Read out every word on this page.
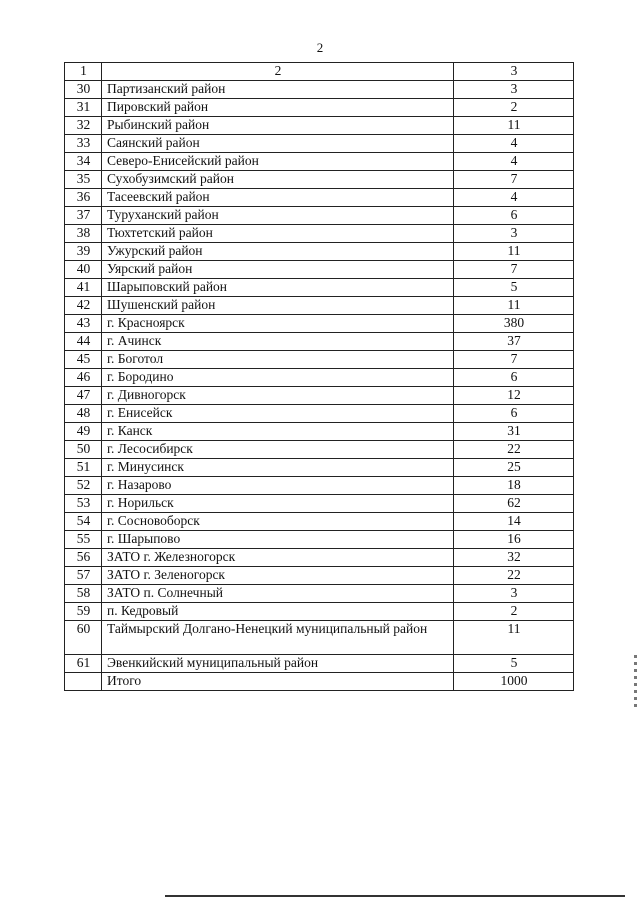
2
1	2	3
30	Партизанский район	3
31	Пировский район	2
32	Рыбинский район	11
33	Саянский район	4
34	Северо-Енисейский район	4
35	Сухобузимский район	7
36	Тасеевский район	4
37	Туруханский район	6
38	Тюхтетский район	3
39	Ужурский район	11
40	Уярский район	7
41	Шарыповский район	5
42	Шушенский район	11
43	г. Красноярск	380
44	г. Ачинск	37
45	г. Боготол	7
46	г. Бородино	6
47	г. Дивногорск	12
48	г. Енисейск	6
49	г. Канск	31
50	г. Лесосибирск	22
51	г. Минусинск	25
52	г. Назарово	18
53	г. Норильск	62
54	г. Сосновоборск	14
55	г. Шарыпово	16
56	ЗАТО г. Железногорск	32
57	ЗАТО г. Зеленогорск	22
58	ЗАТО п. Солнечный	3
59	п. Кедровый	2
60	Таймырский Долгано-Ненецкий муниципальный район	11
61	Эвенкийский муниципальный район	5
	Итого	1000
